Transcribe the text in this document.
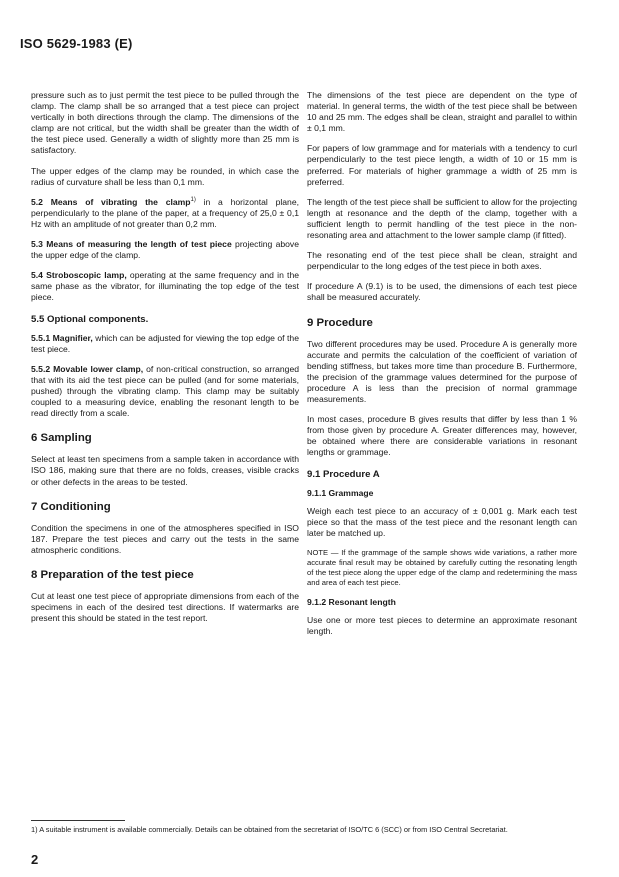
ISO 5629-1983 (E)

pressure such as to just permit the test piece to be pulled through the clamp. The clamp shall be so arranged that a test piece can project vertically in both directions through the clamp. The dimensions of the clamp are not critical, but the width shall be greater than the width of the test piece used. Generally a width of slightly more than 25 mm is satisfactory.

The upper edges of the clamp may be rounded, in which case the radius of curvature shall be less than 0,1 mm.

5.2 Means of vibrating the clamp$^{1)}$ in a horizontal plane, perpendicularly to the plane of the paper, at a frequency of 25,0 ± 0,1 Hz with an amplitude of not greater than 0,2 mm.

5.3 Means of measuring the length of test piece projecting above the upper edge of the clamp.

5.4 Stroboscopic lamp, operating at the same frequency and in the same phase as the vibrator, for illuminating the top edge of the test piece.

5.5 Optional components.

5.5.1 Magnifier, which can be adjusted for viewing the top edge of the test piece.

5.5.2 Movable lower clamp, of non-critical construction, so arranged that with its aid the test piece can be pulled (and for some materials, pushed) through the vibrating clamp. This clamp may be suitably coupled to a measuring device, enabling the resonant length to be read directly from a scale.

6 Sampling

Select at least ten specimens from a sample taken in accordance with ISO 186, making sure that there are no folds, creases, visible cracks or other defects in the areas to be tested.

7 Conditioning

Condition the specimens in one of the atmospheres specified in ISO 187. Prepare the test pieces and carry out the tests in the same atmospheric conditions.

8 Preparation of the test piece

Cut at least one test piece of appropriate dimensions from each of the specimens in each of the desired test directions. If watermarks are present this should be stated in the test report.

The dimensions of the test piece are dependent on the type of material. In general terms, the width of the test piece shall be between 10 and 25 mm. The edges shall be clean, straight and parallel to within ± 0,1 mm.

For papers of low grammage and for materials with a tendency to curl perpendicularly to the test piece length, a width of 10 or 15 mm is preferred. For materials of higher grammage a width of 25 mm is preferred.

The length of the test piece shall be sufficient to allow for the projecting length at resonance and the depth of the clamp, together with a sufficient length to permit handling of the test piece in the non-resonating area and attachment to the lower sample clamp (if fitted).

The resonating end of the test piece shall be clean, straight and perpendicular to the long edges of the test piece in both axes.

If procedure A (9.1) is to be used, the dimensions of each test piece shall be measured accurately.

9 Procedure

Two different procedures may be used. Procedure A is generally more accurate and permits the calculation of the coefficient of variation of bending stiffness, but takes more time than procedure B. Furthermore, the precision of the grammage values determined for the purpose of procedure A is less than the precision of normal grammage measurements.

In most cases, procedure B gives results that differ by less than 1 % from those given by procedure A. Greater differences may, however, be obtained where there are considerable variations in resonant lengths or grammage.

9.1 Procedure A
9.1.1 Grammage

Weigh each test piece to an accuracy of ± 0,001 g. Mark each test piece so that the mass of the test piece and the resonant length can later be matched up.

NOTE — If the grammage of the sample shows wide variations, a rather more accurate final result may be obtained by carefully cutting the resonating length of the test piece along the upper edge of the clamp and redetermining the mass and area of each test piece.

9.1.2 Resonant length

Use one or more test pieces to determine an approximate resonant length.

1) A suitable instrument is available commercially. Details can be obtained from the secretariat of ISO/TC 6 (SCC) or from ISO Central Secretariat.
2
